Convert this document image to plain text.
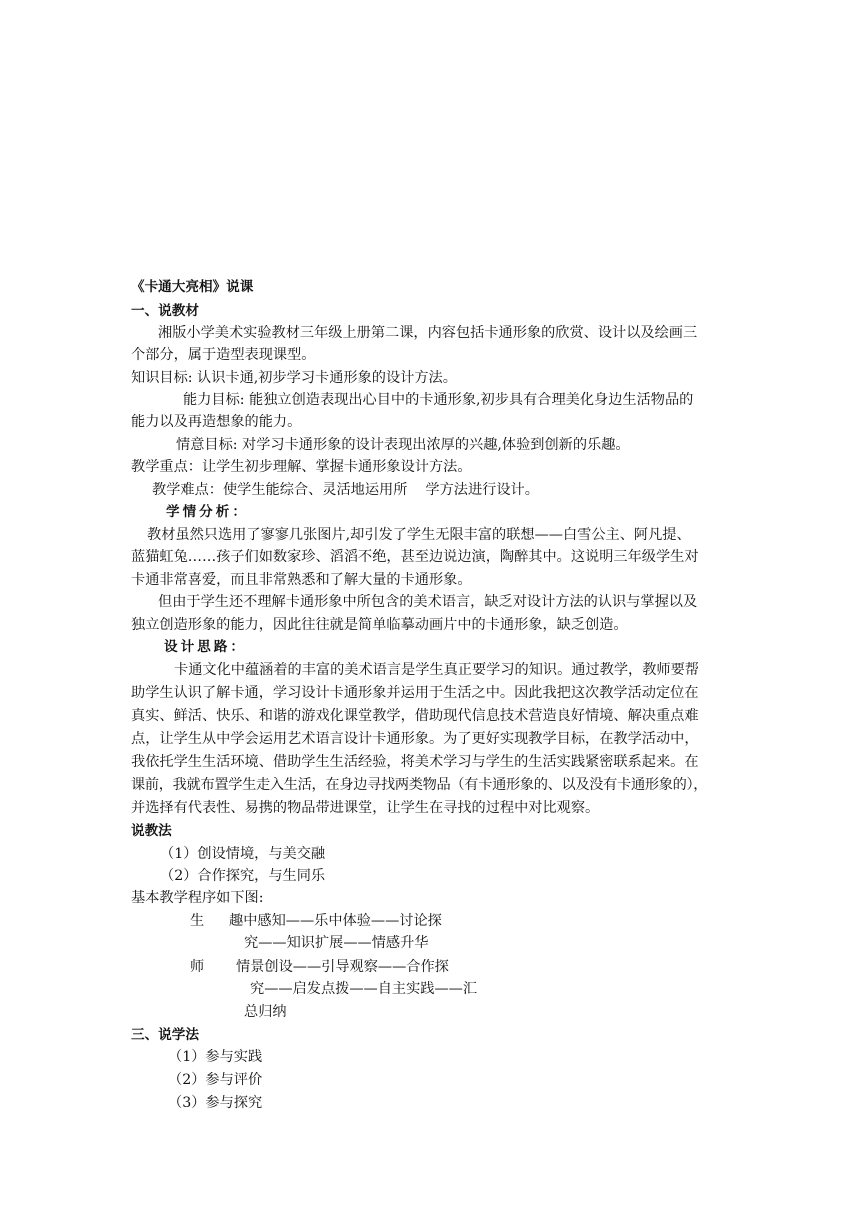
《卡通大亮相》说课
一、说教材
湘版小学美术实验教材三年级上册第二课，内容包括卡通形象的欣赏、设计以及绘画三
个部分，属于造型表现课型。
知识目标: 认识卡通,初步学习卡通形象的设计方法。
能力目标: 能独立创造表现出心目中的卡通形象,初步具有合理美化身边生活物品的
能力以及再造想象的能力。
情意目标: 对学习卡通形象的设计表现出浓厚的兴趣,体验到创新的乐趣。
教学重点：让学生初步理解、掌握卡通形象设计方法。
教学难点：使学生能综合、灵活地运用所    学方法进行设计。
学情分析：
教材虽然只选用了寥寥几张图片,却引发了学生无限丰富的联想——白雪公主、阿凡提、
蓝猫虹兔……孩子们如数家珍、滔滔不绝，甚至边说边演，陶醉其中。这说明三年级学生对
卡通非常喜爱，而且非常熟悉和了解大量的卡通形象。
但由于学生还不理解卡通形象中所包含的美术语言，缺乏对设计方法的认识与掌握以及
独立创造形象的能力，因此往往就是简单临摹动画片中的卡通形象，缺乏创造。
设计思路：
卡通文化中蕴涵着的丰富的美术语言是学生真正要学习的知识。通过教学，教师要帮
助学生认识了解卡通，学习设计卡通形象并运用于生活之中。因此我把这次教学活动定位在
真实、鲜活、快乐、和谐的游戏化课堂教学，借助现代信息技术营造良好情境、解决重点难
点，让学生从中学会运用艺术语言设计卡通形象。为了更好实现教学目标，在教学活动中，
我依托学生生活环境、借助学生生活经验，将美术学习与学生的生活实践紧密联系起来。在
课前，我就布置学生走入生活，在身边寻找两类物品（有卡通形象的、以及没有卡通形象的），
并选择有代表性、易携的物品带进课堂，让学生在寻找的过程中对比观察。
说教法
（1）创设情境，与美交融
（2）合作探究，与生同乐
基本教学程序如下图:
生 趣中感知——乐中体验——讨论探
究——知识扩展——情感升华
师 情景创设——引导观察——合作探
究——启发点拨——自主实践——汇
总归纳
三、说学法
（1）参与实践
（2）参与评价
（3）参与探究
